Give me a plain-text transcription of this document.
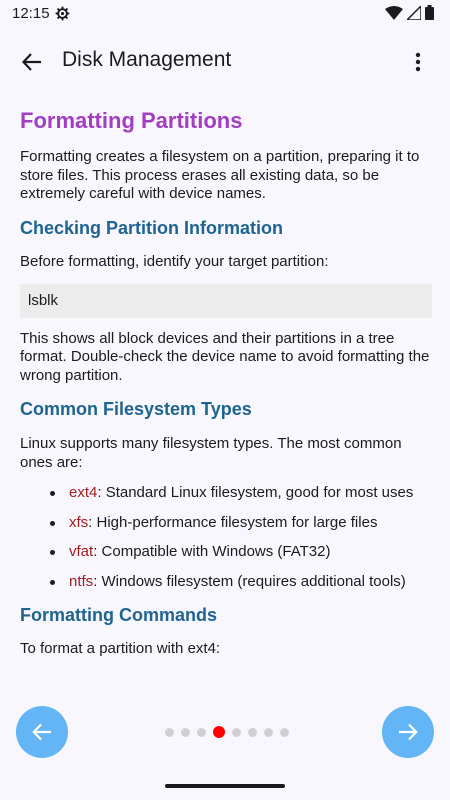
12:15
Disk Management
Formatting Partitions

Formatting creates a filesystem on a partition, preparing it to store files. This process erases all existing data, so be extremely careful with device names.

Checking Partition Information

Before formatting, identify your target partition:

lsblk

This shows all block devices and their partitions in a tree format. Double-check the device name to avoid formatting the wrong partition.

Common Filesystem Types

Linux supports many filesystem types. The most common ones are:

ext4: Standard Linux filesystem, good for most uses
xfs: High-performance filesystem for large files
vfat: Compatible with Windows (FAT32)
ntfs: Windows filesystem (requires additional tools)
Formatting Commands

To format a partition with ext4:
